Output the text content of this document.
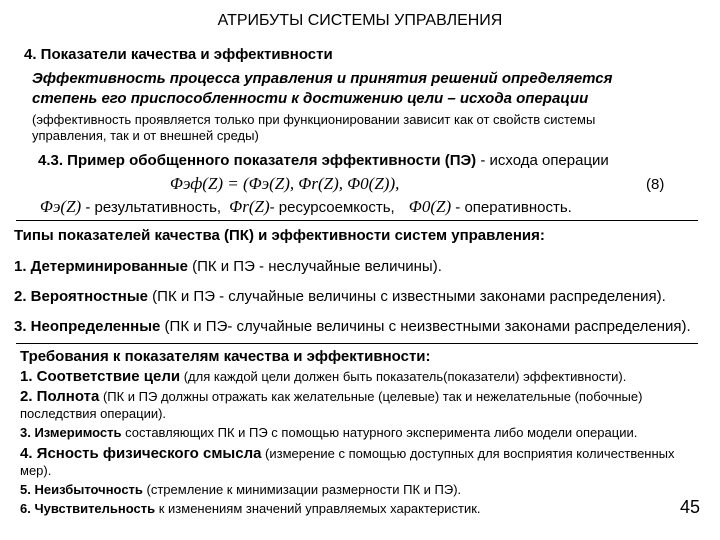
АТРИБУТЫ СИСТЕМЫ УПРАВЛЕНИЯ
4. Показатели качества и эффективности
Эффективность процесса управления и принятия решений определяется
степень его приспособленности к достижению цели – исхода операции
(эффективность проявляется только при функционировании зависит как от свойств системы
управления, так и от внешней среды)
4.3. Пример обобщенного показателя эффективности (ПЭ) - исхода операции
Φэф(Z) = (Φэ(Z), Φr(Z), Φ0(Z)),	(8)
Φэ(Z) - результативность, Φr(Z)- ресурсоемкость, Φ0(Z) - оперативность.
Типы показателей качества (ПК) и эффективности систем управления:
1. Детерминированные (ПК и ПЭ - неслучайные величины).
2. Вероятностные (ПК и ПЭ - случайные величины с известными законами распределения).
3. Неопределенные (ПК и ПЭ- случайные величины с неизвестными законами распределения).
Требования к показателям качества и эффективности:
1. Соответствие цели (для каждой цели должен быть показатель(показатели) эффективности).
2. Полнота (ПК и ПЭ должны отражать как желательные (целевые) так и нежелательные (побочные)
последствия операции).
3. Измеримость составляющих ПК и ПЭ с помощью натурного эксперимента либо модели операции.
4. Ясность физического смысла (измерение с помощью доступных для восприятия количественных
мер).
5. Неизбыточность (стремление к минимизации размерности ПК и ПЭ).
6. Чувствительность к изменениям значений управляемых характеристик.	45
